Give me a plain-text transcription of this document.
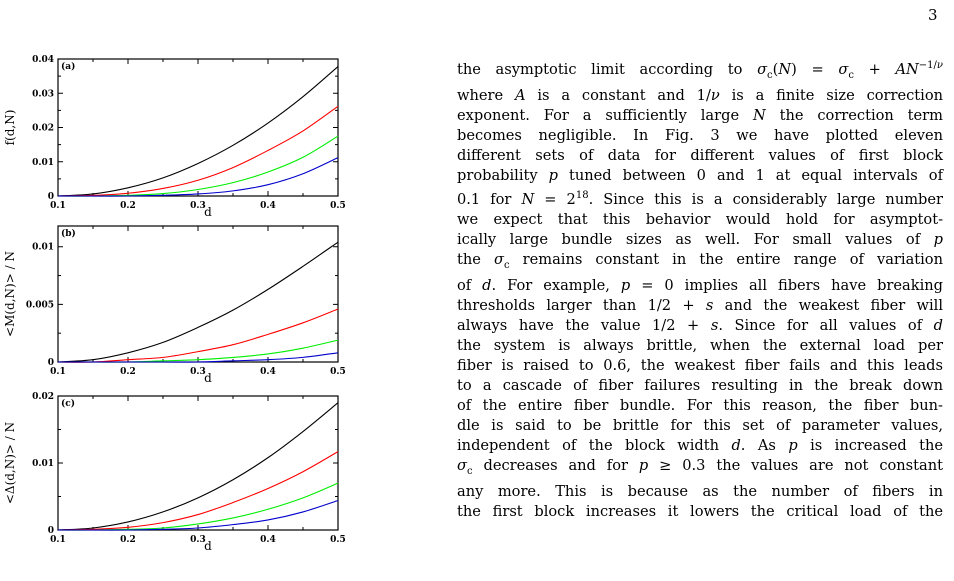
3
0.1	0.2	0.3	0.4	0.5
d
0
0.01
0.02
0.03
0.04
f(d,N)
(a)
0.1	0.2	0.3	0.4	0.5
d
0
0.005
0.01
<M(d,N)> / N
(b)
0.1	0.2	0.3	0.4	0.5
d
0
0.01
0.02
<Δ(d,N)> / N
(c)
the asymptotic limit according to $\sigma_c(N) = \sigma_c + AN^{-1/\nu}$
where A is a constant and 1/ν is a finite size correction
exponent. For a sufficiently large N the correction term
becomes negligible. In Fig. 3 we have plotted eleven
different sets of data for different values of first block
probability p tuned between 0 and 1 at equal intervals of
0.1 for $N = 2^{18}$. Since this is a considerably large number
we expect that this behavior would hold for asymptot-
ically large bundle sizes as well. For small values of p
the $\sigma_c$ remains constant in the entire range of variation
of d. For example, p = 0 implies all fibers have breaking
thresholds larger than 1/2 + s and the weakest fiber will
always have the value 1/2 + s. Since for all values of d
the system is always brittle, when the external load per
fiber is raised to 0.6, the weakest fiber fails and this leads
to a cascade of fiber failures resulting in the break down
of the entire fiber bundle. For this reason, the fiber bun-
dle is said to be brittle for this set of parameter values,
independent of the block width d. As p is increased the
$\sigma_c$ decreases and for p ≥ 0.3 the values are not constant
any more. This is because as the number of fibers in
the first block increases it lowers the critical load of the
